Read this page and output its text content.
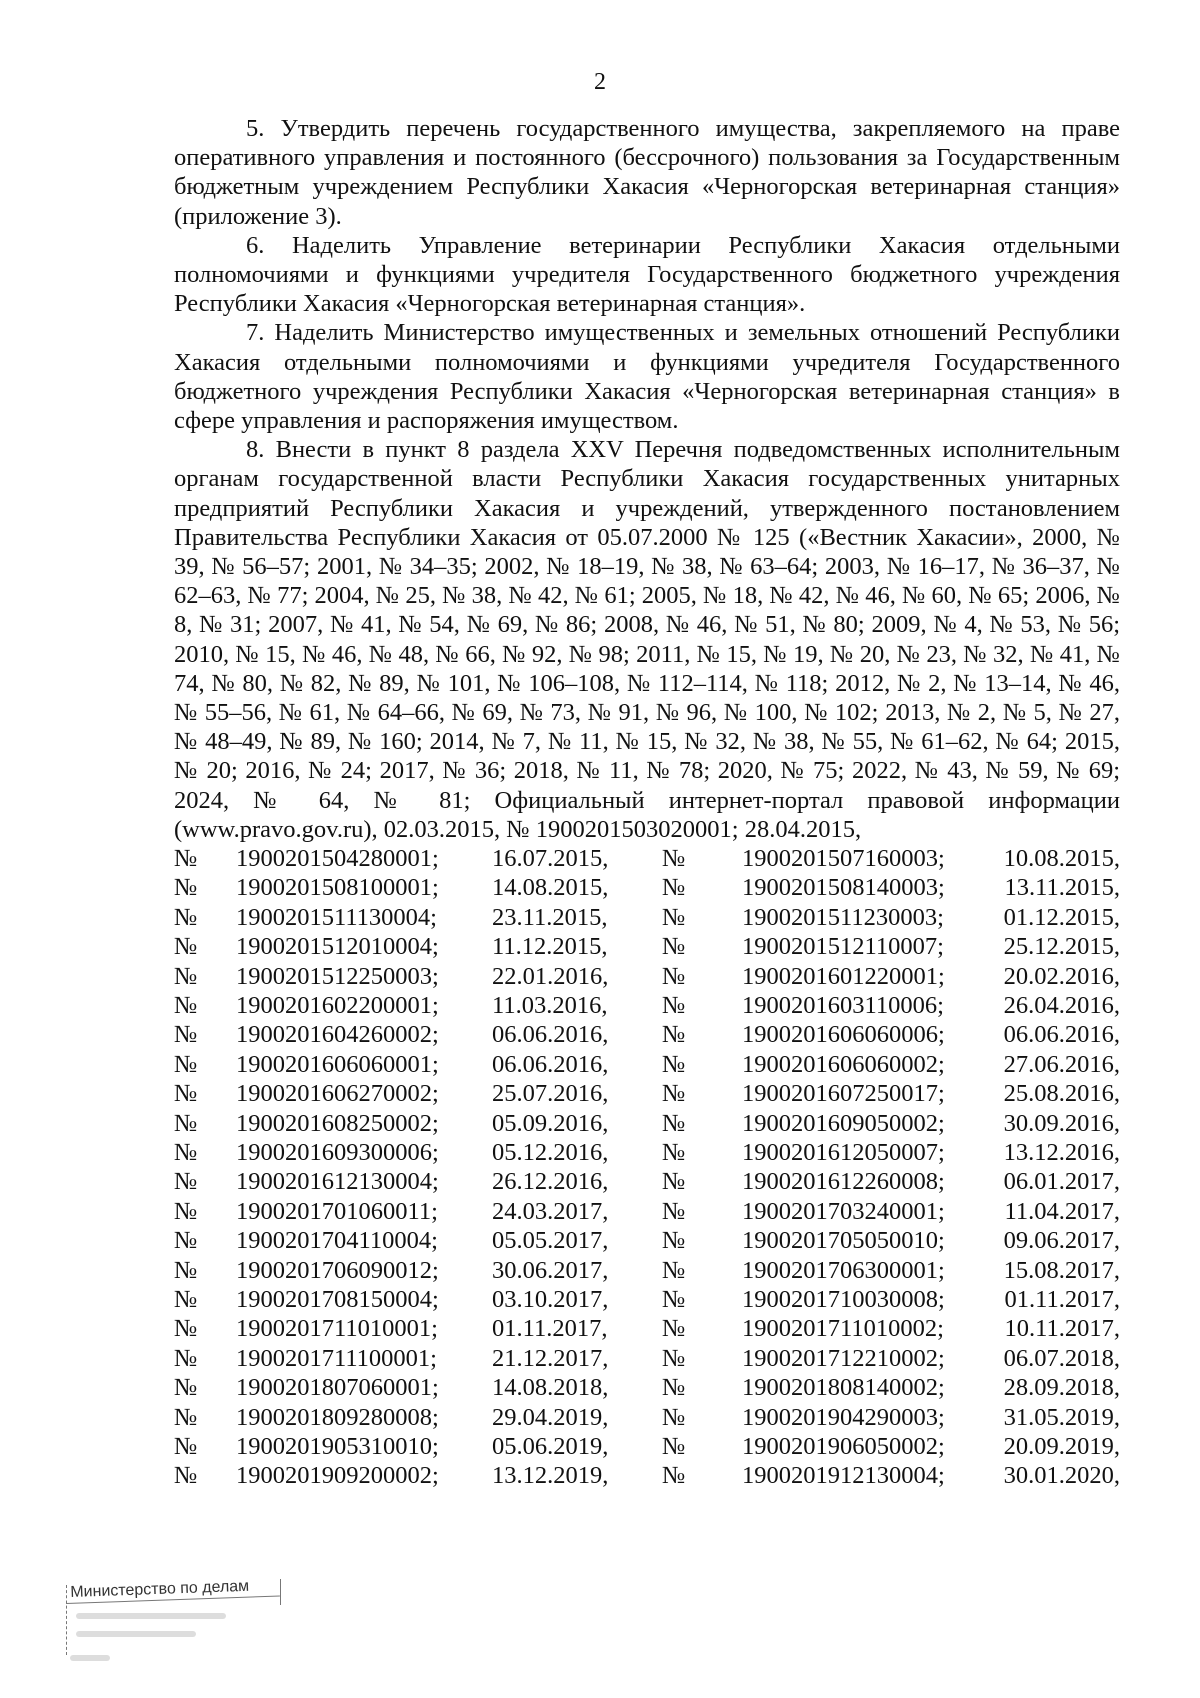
2

5. Утвердить перечень государственного имущества, закрепляемого на праве оперативного управления и постоянного (бессрочного) пользования за Государственным бюджетным учреждением Республики Хакасия «Черногорская ветеринарная станция» (приложение 3).

6. Наделить Управление ветеринарии Республики Хакасия отдельными полномочиями и функциями учредителя Государственного бюджетного учреждения Республики Хакасия «Черногорская ветеринарная станция».

7. Наделить Министерство имущественных и земельных отношений Республики Хакасия отдельными полномочиями и функциями учредителя Государственного бюджетного учреждения Республики Хакасия «Черногорская ветеринарная станция» в сфере управления и распоряжения имуществом.

8. Внести в пункт 8 раздела XXV Перечня подведомственных исполнительным органам государственной власти Республики Хакасия государственных унитарных предприятий Республики Хакасия и учреждений, утвержденного постановлением Правительства Республики Хакасия от 05.07.2000 № 125 («Вестник Хакасии», 2000, № 39, № 56–57; 2001, № 34–35; 2002, № 18–19, № 38, № 63–64; 2003, № 16–17, № 36–37, № 62–63, № 77; 2004, № 25, № 38, № 42, № 61; 2005, № 18, № 42, № 46, № 60, № 65; 2006, № 8, № 31; 2007, № 41, № 54, № 69, № 86; 2008, № 46, № 51, № 80; 2009, № 4, № 53, № 56; 2010, № 15, № 46, № 48, № 66, № 92, № 98; 2011, № 15, № 19, № 20, № 23, № 32, № 41, № 74, № 80, № 82, № 89, № 101, № 106–108, № 112–114, № 118; 2012, № 2, № 13–14, № 46, № 55–56, № 61, № 64–66, № 69, № 73, № 91, № 96, № 100, № 102; 2013, № 2, № 5, № 27, № 48–49, № 89, № 160; 2014, № 7, № 11, № 15, № 32, № 38, № 55, № 61–62, № 64; 2015, № 20; 2016, № 24; 2017, № 36; 2018, № 11, № 78; 2020, № 75; 2022, № 43, № 59, № 69; 2024, № 64, № 81; Официальный интернет-портал правовой информации (www.pravo.gov.ru), 02.03.2015, № 1900201503020001; 28.04.2015,

№	1900201504280001;	16.07.2015,	№	1900201507160003;	10.08.2015,
№	1900201508100001;	14.08.2015,	№	1900201508140003;	13.11.2015,
№	1900201511130004;	23.11.2015,	№	1900201511230003;	01.12.2015,
№	1900201512010004;	11.12.2015,	№	1900201512110007;	25.12.2015,
№	1900201512250003;	22.01.2016,	№	1900201601220001;	20.02.2016,
№	1900201602200001;	11.03.2016,	№	1900201603110006;	26.04.2016,
№	1900201604260002;	06.06.2016,	№	1900201606060006;	06.06.2016,
№	1900201606060001;	06.06.2016,	№	1900201606060002;	27.06.2016,
№	1900201606270002;	25.07.2016,	№	1900201607250017;	25.08.2016,
№	1900201608250002;	05.09.2016,	№	1900201609050002;	30.09.2016,
№	1900201609300006;	05.12.2016,	№	1900201612050007;	13.12.2016,
№	1900201612130004;	26.12.2016,	№	1900201612260008;	06.01.2017,
№	1900201701060011;	24.03.2017,	№	1900201703240001;	11.04.2017,
№	1900201704110004;	05.05.2017,	№	1900201705050010;	09.06.2017,
№	1900201706090012;	30.06.2017,	№	1900201706300001;	15.08.2017,
№	1900201708150004;	03.10.2017,	№	1900201710030008;	01.11.2017,
№	1900201711010001;	01.11.2017,	№	1900201711010002;	10.11.2017,
№	1900201711100001;	21.12.2017,	№	1900201712210002;	06.07.2018,
№	1900201807060001;	14.08.2018,	№	1900201808140002;	28.09.2018,
№	1900201809280008;	29.04.2019,	№	1900201904290003;	31.05.2019,
№	1900201905310010;	05.06.2019,	№	1900201906050002;	20.09.2019,
№	1900201909200002;	13.12.2019,	№	1900201912130004;	30.01.2020,
Министерство по делам
